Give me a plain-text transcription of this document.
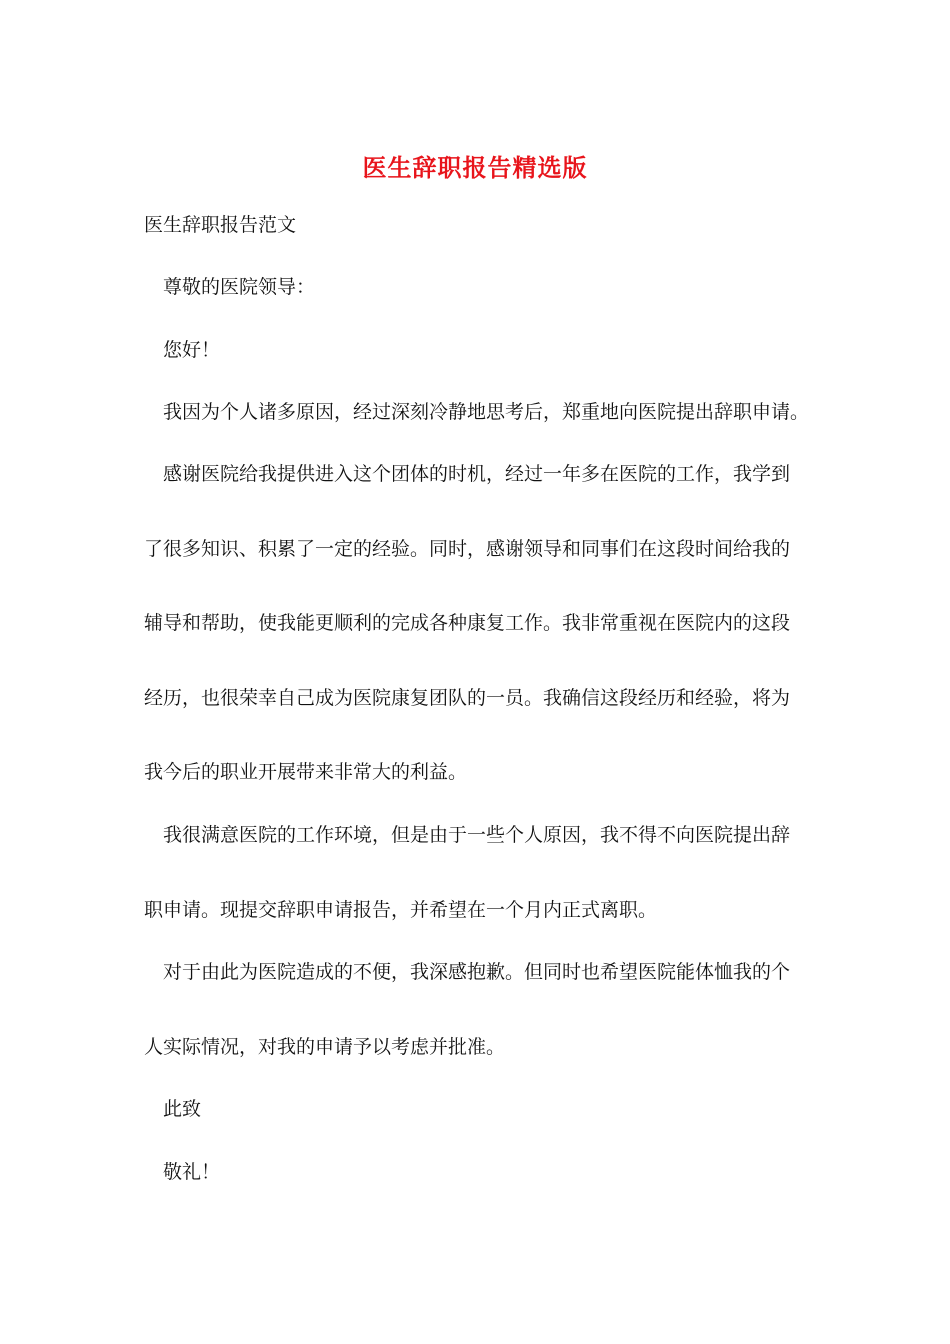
医生辞职报告精选版

医生辞职报告范文

尊敬的医院领导：

您好！

我因为个人诸多原因，经过深刻冷静地思考后，郑重地向医院提出辞职申请。

感谢医院给我提供进入这个团体的时机，经过一年多在医院的工作，我学到

了很多知识、积累了一定的经验。同时，感谢领导和同事们在这段时间给我的

辅导和帮助，使我能更顺利的完成各种康复工作。我非常重视在医院内的这段

经历，也很荣幸自己成为医院康复团队的一员。我确信这段经历和经验，将为

我今后的职业开展带来非常大的利益。

我很满意医院的工作环境，但是由于一些个人原因，我不得不向医院提出辞

职申请。现提交辞职申请报告，并希望在一个月内正式离职。

对于由此为医院造成的不便，我深感抱歉。但同时也希望医院能体恤我的个

人实际情况，对我的申请予以考虑并批准。

此致

敬礼！
